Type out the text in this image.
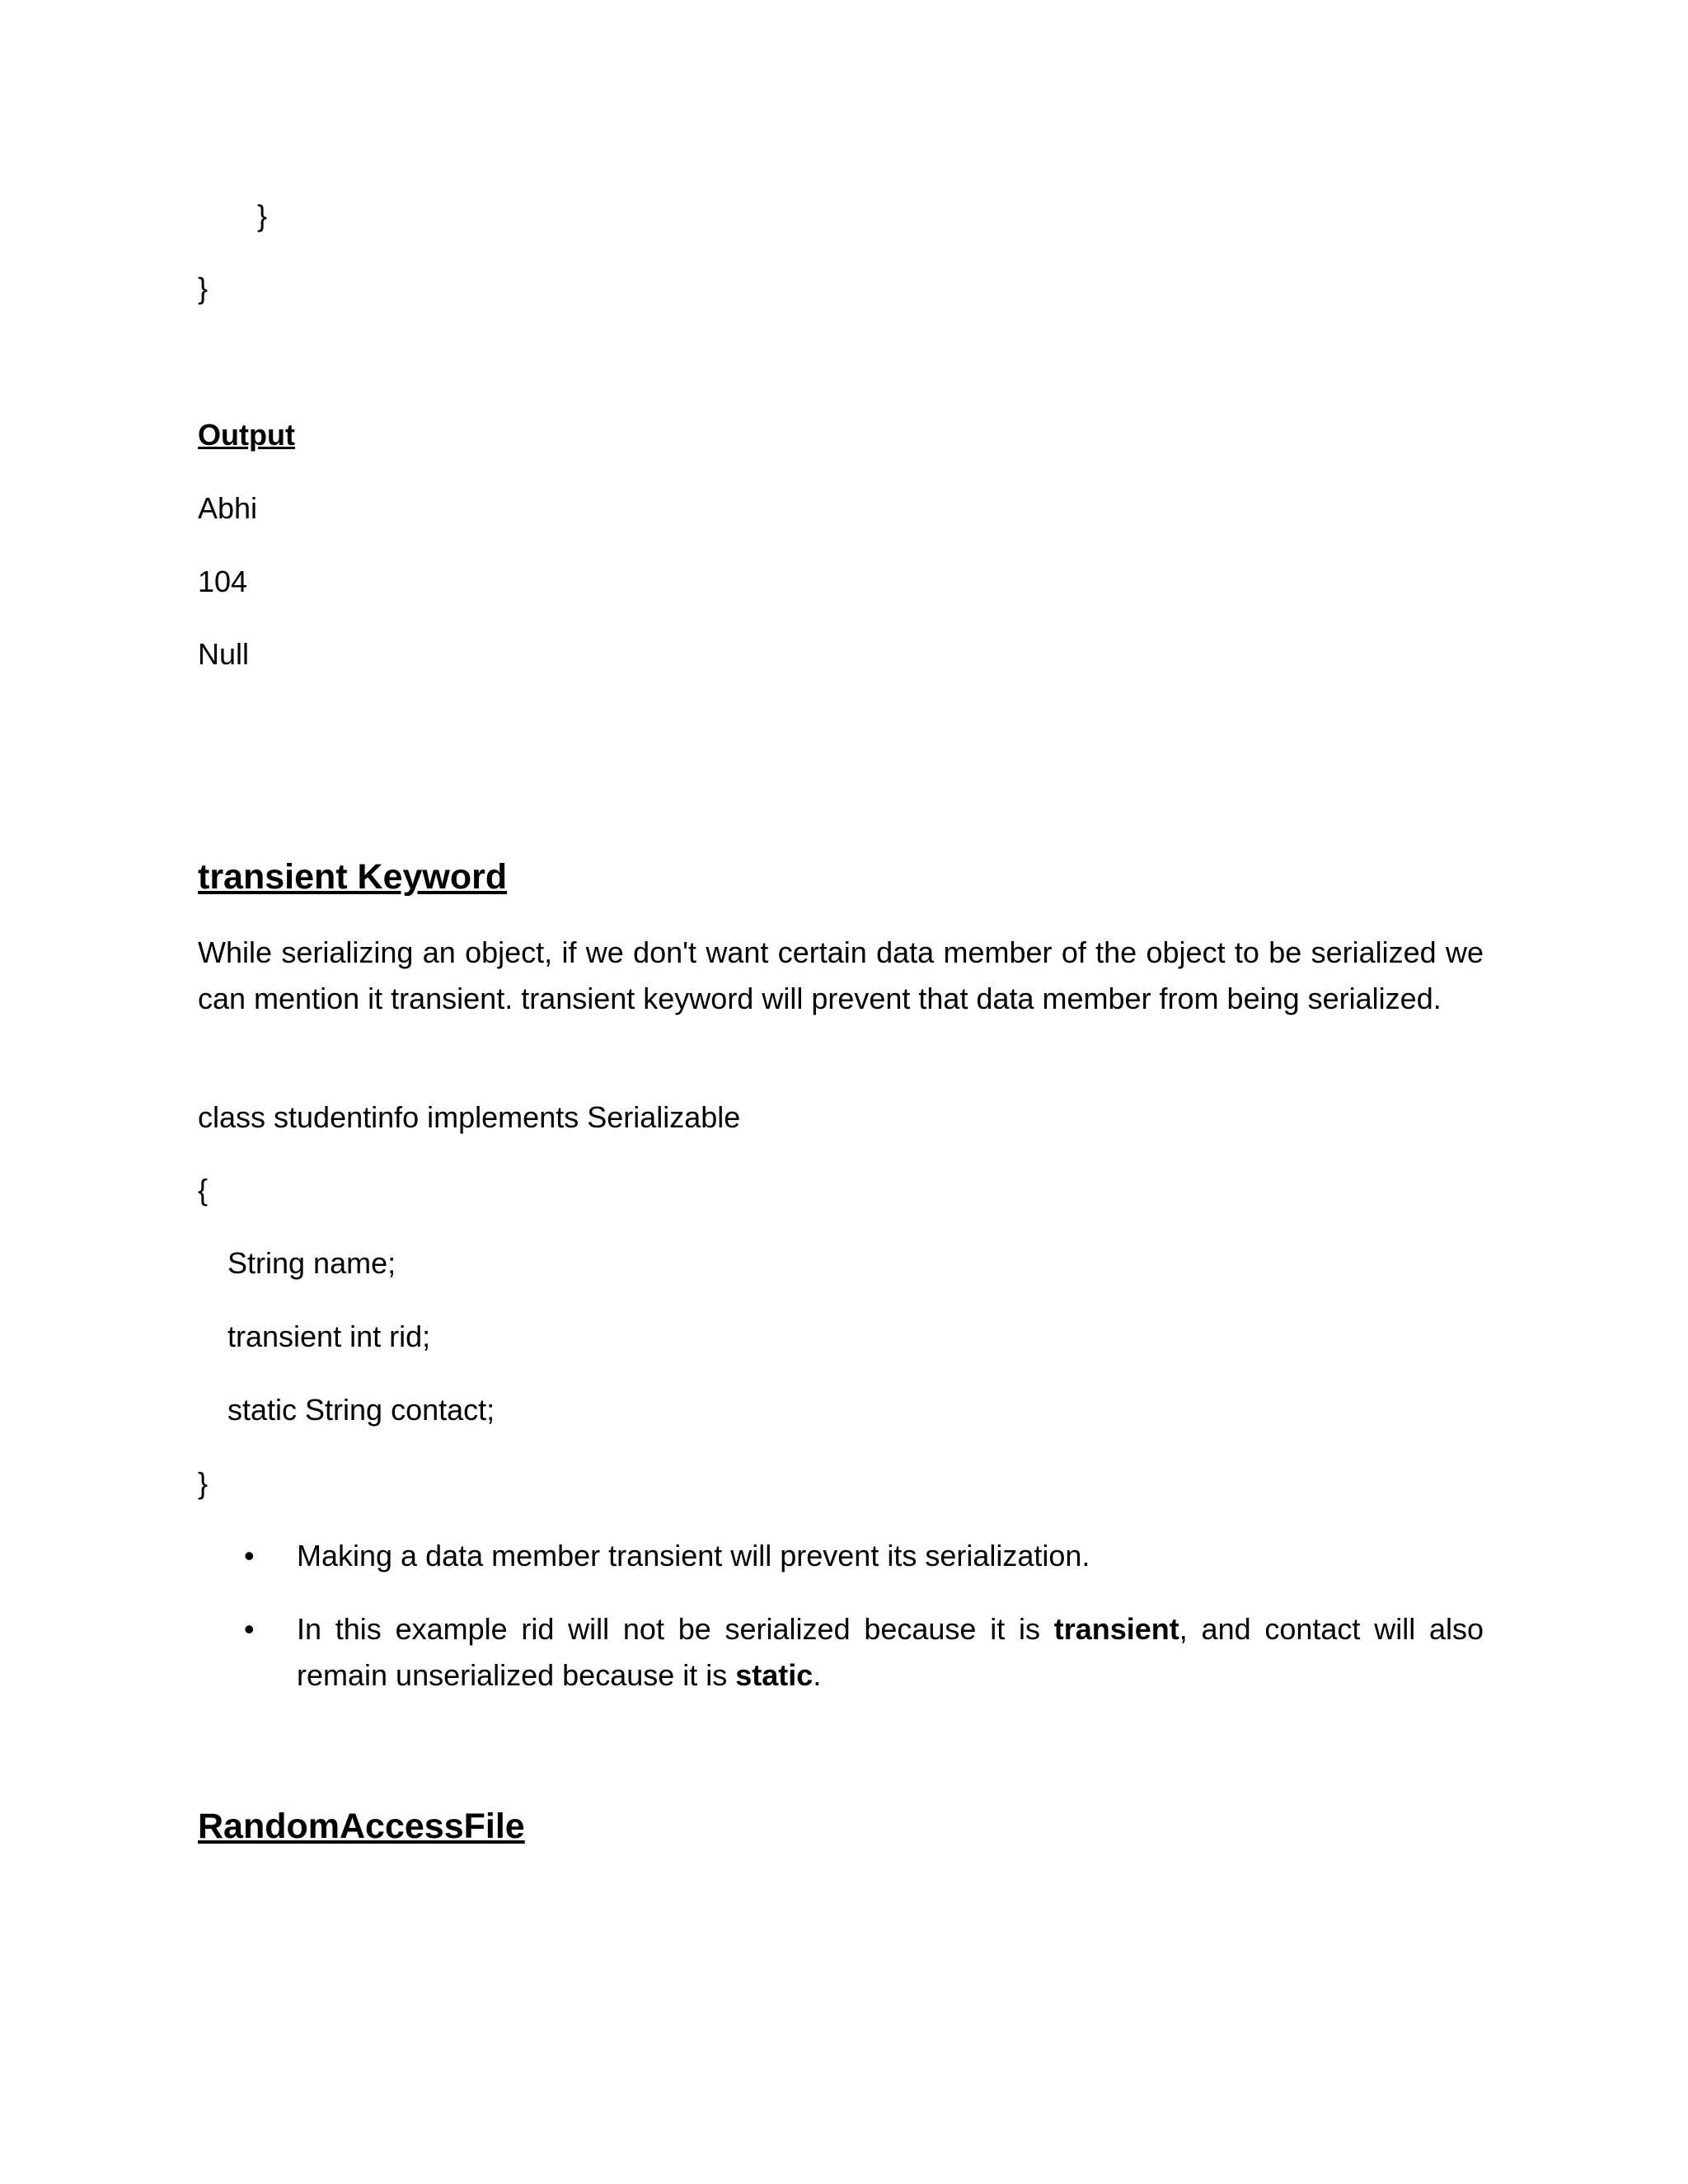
}
}
Output
Abhi
104
Null
transient Keyword
While serializing an object, if we don't want certain data member of the object to be serialized we can mention it transient. transient keyword will prevent that data member from being serialized.
class studentinfo implements Serializable
{
String name;
transient int rid;
static String contact;
}
• Making a data member transient will prevent its serialization.
• In this example rid will not be serialized because it is transient, and contact will also remain unserialized because it is static.
RandomAccessFile
